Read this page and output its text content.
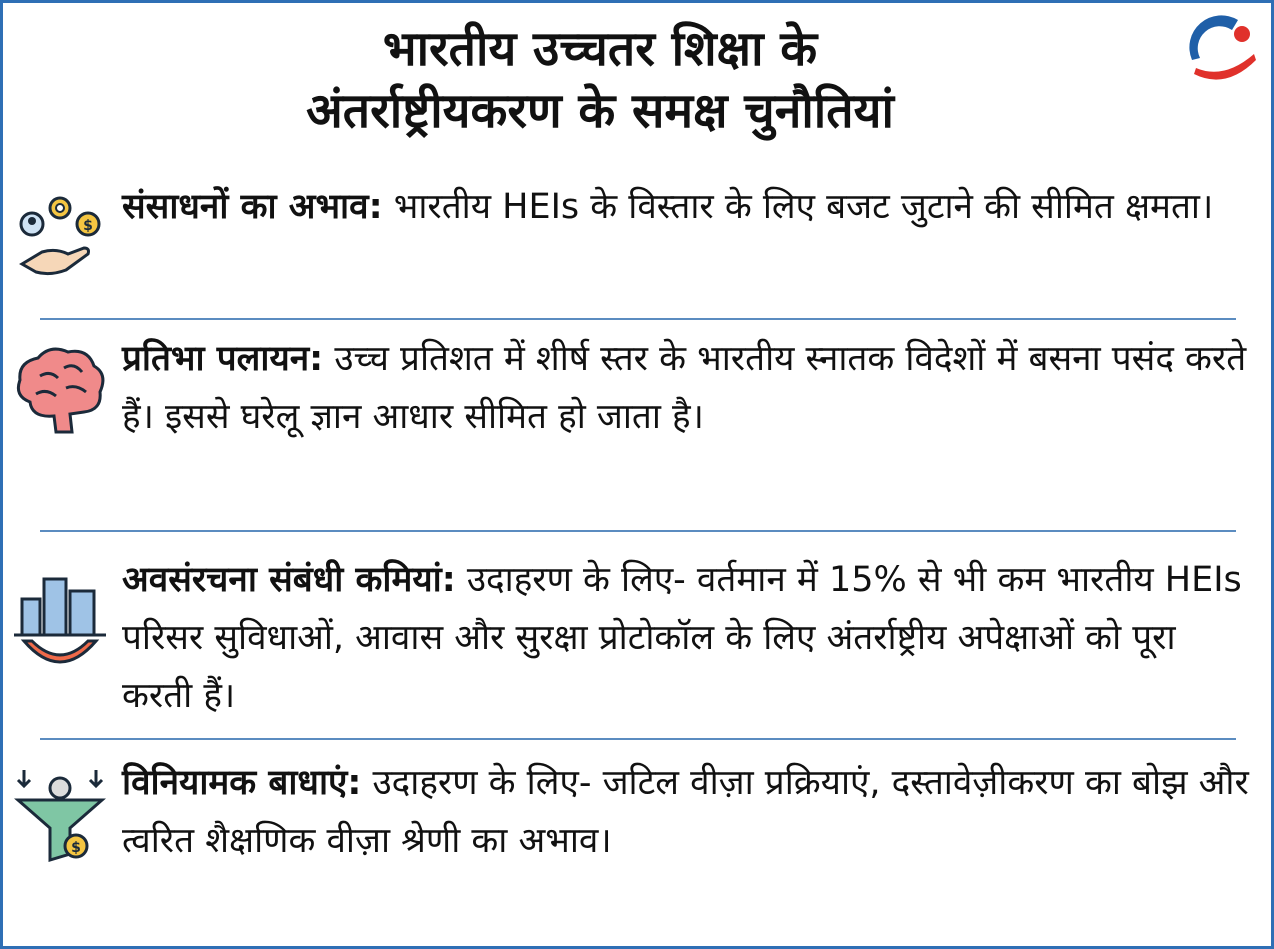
भारतीय उच्चतर शिक्षा के
अंतर्राष्ट्रीयकरण के समक्ष चुनौतियां
$ संसाधनों का अभाव: भारतीय HEIs के विस्तार के लिए बजट जुटाने की सीमित क्षमता।
प्रतिभा पलायन: उच्च प्रतिशत में शीर्ष स्तर के भारतीय स्नातक विदेशों में बसना पसंद करते हैं। इससे घरेलू ज्ञान आधार सीमित हो जाता है।
अवसंरचना संबंधी कमियां: उदाहरण के लिए- वर्तमान में 15% से भी कम भारतीय HEIs परिसर सुविधाओं, आवास और सुरक्षा प्रोटोकॉल के लिए अंतर्राष्ट्रीय अपेक्षाओं को पूरा करती हैं।
$
विनियामक बाधाएं: उदाहरण के लिए- जटिल वीज़ा प्रक्रियाएं, दस्तावेज़ीकरण का बोझ और त्वरित शैक्षणिक वीज़ा श्रेणी का अभाव।
